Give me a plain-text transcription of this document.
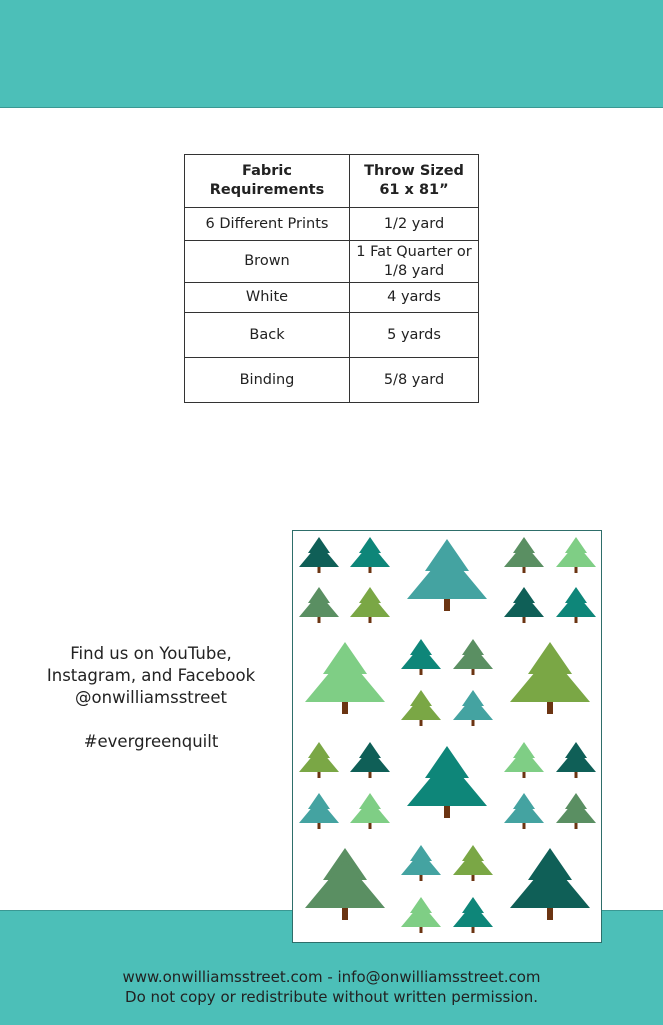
Fabric Requirements	Throw Sized 61 x 81”
6 Different Prints	1/2 yard
Brown	1 Fat Quarter or 1/8 yard
White	4 yards
Back	5 yards
Binding	5/8 yard
Find us on YouTube,
Instagram, and Facebook
@onwilliamsstreet
#evergreenquilt
www.onwilliamsstreet.com - info@onwilliamsstreet.com
Do not copy or redistribute without written permission.
